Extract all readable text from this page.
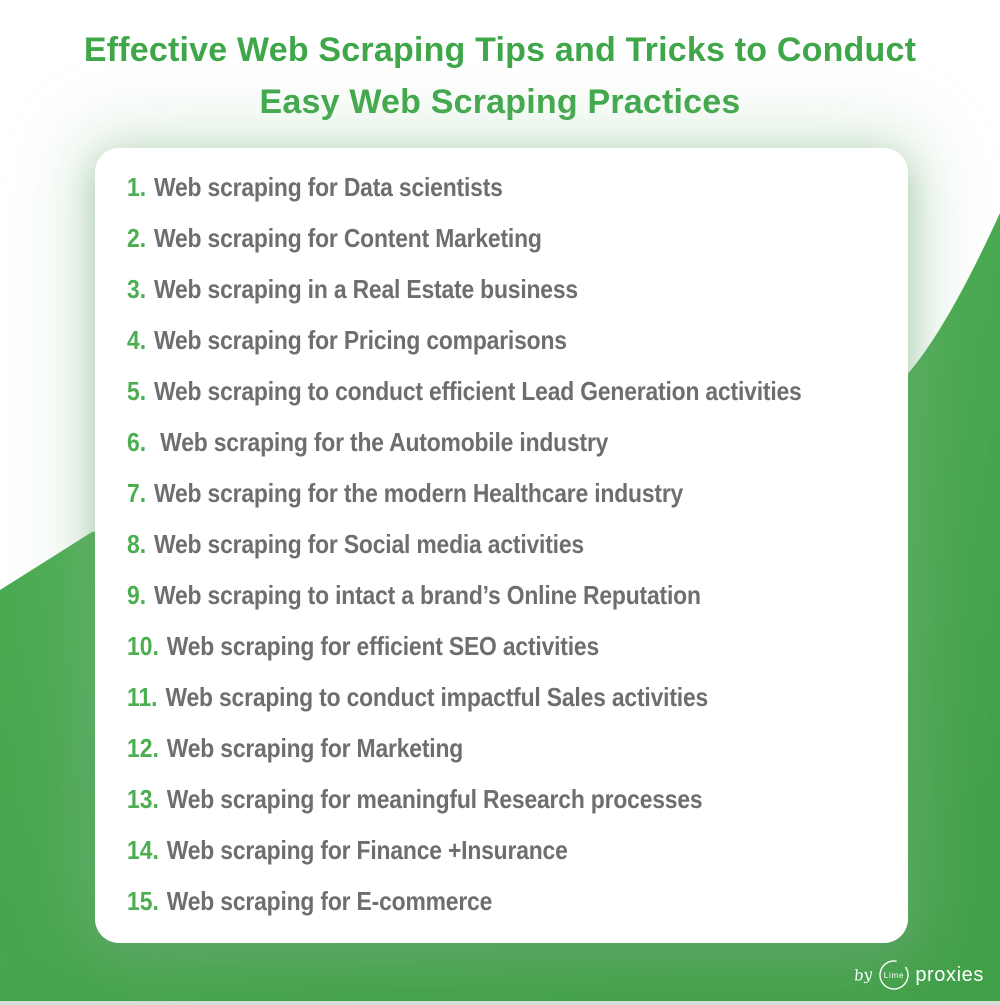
Effective Web Scraping Tips and Tricks to Conduct
Easy Web Scraping Practices
1. Web scraping for Data scientists
2. Web scraping for Content Marketing
3. Web scraping in a Real Estate business
4. Web scraping for Pricing comparisons
5. Web scraping to conduct efficient Lead Generation activities
6. Web scraping for the Automobile industry
7. Web scraping for the modern Healthcare industry
8. Web scraping for Social media activities
9. Web scraping to intact a brand’s Online Reputation
10. Web scraping for efficient SEO activities
11. Web scraping to conduct impactful Sales activities
12. Web scraping for Marketing
13. Web scraping for meaningful Research processes
14. Web scraping for Finance +Insurance
15. Web scraping for E-commerce
by Lime proxies
